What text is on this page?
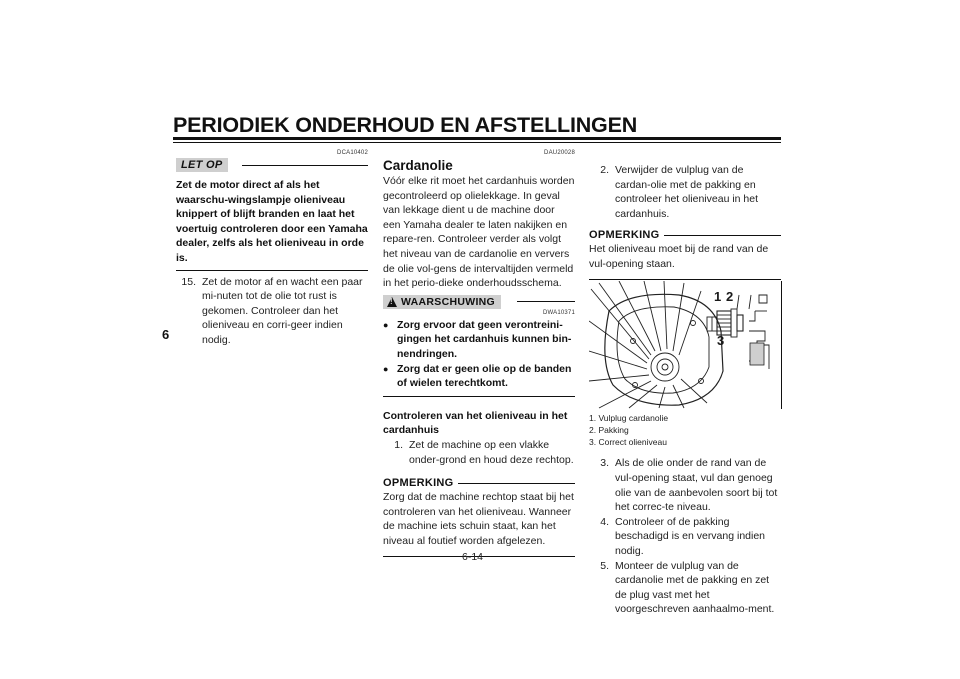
PERIODIEK ONDERHOUD EN AFSTELLINGEN
6
DCA10402
LET OP
Zet de motor direct af als het waarschu-wingslampje olieniveau knippert of blijft branden en laat het voertuig controleren door een Yamaha dealer, zelfs als het olieniveau in orde is.
15. Zet de motor af en wacht een paar mi-nuten tot de olie tot rust is gekomen. Controleer dan het olieniveau en corri-geer indien nodig.
DAU20028
Cardanolie
Vóór elke rit moet het cardanhuis worden gecontroleerd op olielekkage. In geval van lekkage dient u de machine door een Yamaha dealer te laten nakijken en repare-ren. Controleer verder als volgt het niveau van de cardanolie en ververs de olie vol-gens de intervaltijden vermeld in het perio-dieke onderhoudsschema.
!
WAARSCHUWING
DWA10371
● Zorg ervoor dat geen verontreini-gingen het cardanhuis kunnen bin-nendringen.
● Zorg dat er geen olie op de banden of wielen terechtkomt.
Controleren van het olieniveau in het cardanhuis
1. Zet de machine op een vlakke onder-grond en houd deze rechtop.
OPMERKING
Zorg dat de machine rechtop staat bij het controleren van het olieniveau. Wanneer de machine iets schuin staat, kan het niveau al foutief worden afgelezen.
2. Verwijder de vulplug van de cardan-olie met de pakking en controleer het olieniveau in het cardanhuis.
OPMERKING
Het olieniveau moet bij de rand van de vul-opening staan.
1 2
3
1. Vulplug cardanolie
2. Pakking
3. Correct olieniveau
3. Als de olie onder de rand van de vul-opening staat, vul dan genoeg olie van de aanbevolen soort bij tot het correc-te niveau.
4. Controleer of de pakking beschadigd is en vervang indien nodig.
5. Monteer de vulplug van de cardanolie met de pakking en zet de plug vast met het voorgeschreven aanhaalmo-ment.
6-14
